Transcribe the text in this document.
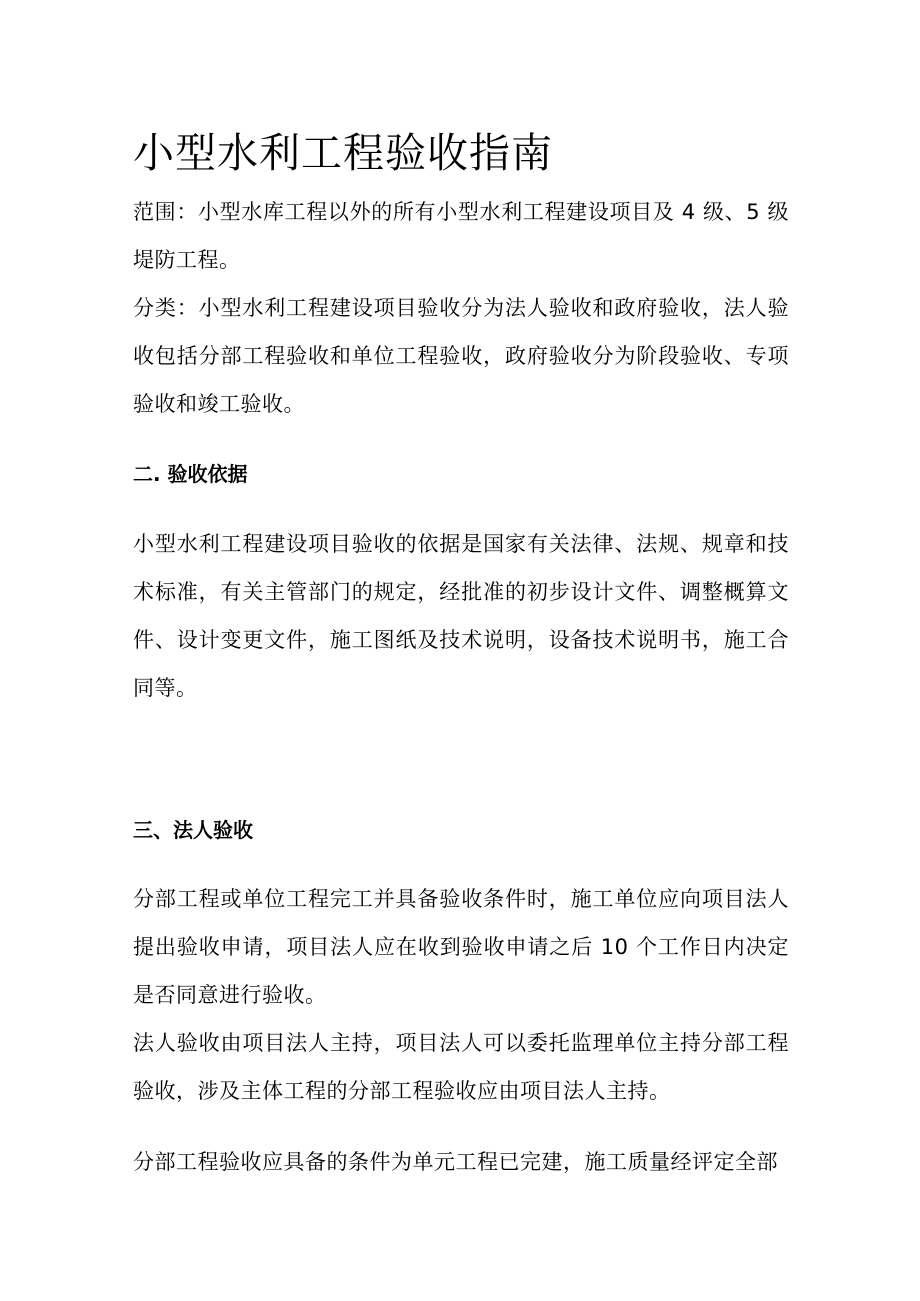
小型水利工程验收指南

范围：小型水库工程以外的所有小型水利工程建设项目及 4 级、5 级堤防工程。

分类：小型水利工程建设项目验收分为法人验收和政府验收，法人验收包括分部工程验收和单位工程验收，政府验收分为阶段验收、专项验收和竣工验收。

二. 验收依据

小型水利工程建设项目验收的依据是国家有关法律、法规、规章和技术标准，有关主管部门的规定，经批准的初步设计文件、调整概算文件、设计变更文件，施工图纸及技术说明，设备技术说明书，施工合同等。

三、法人验收

分部工程或单位工程完工并具备验收条件时，施工单位应向项目法人提出验收申请，项目法人应在收到验收申请之后 10 个工作日内决定是否同意进行验收。

法人验收由项目法人主持，项目法人可以委托监理单位主持分部工程验收，涉及主体工程的分部工程验收应由项目法人主持。

分部工程验收应具备的条件为单元工程已完建，施工质量经评定全部
